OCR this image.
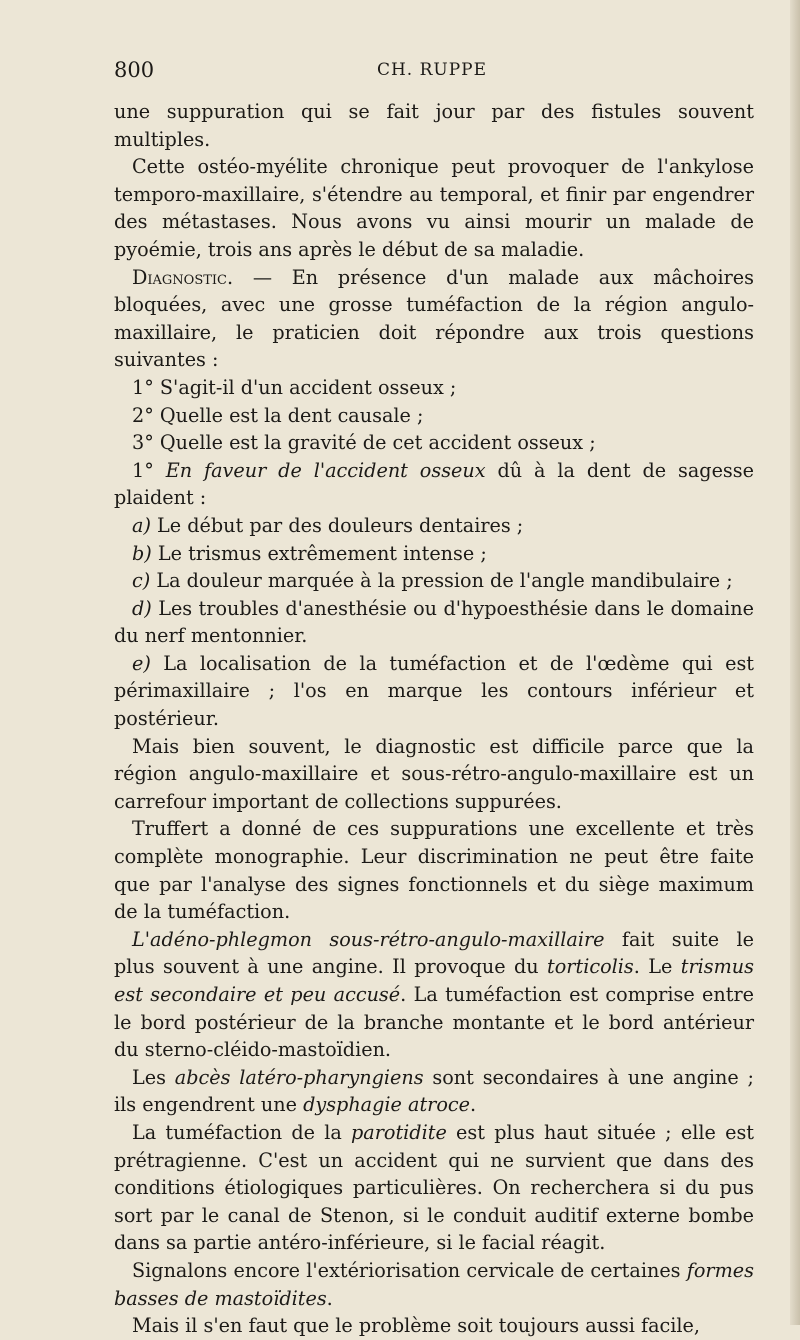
800	CH. RUPPE

une suppuration qui se fait jour par des fistules souvent multiples.

Cette ostéo-myélite chronique peut provoquer de l'ankylose temporo-maxillaire, s'étendre au temporal, et finir par engendrer des métastases. Nous avons vu ainsi mourir un malade de pyoémie, trois ans après le début de sa maladie.

Diagnostic. — En présence d'un malade aux mâchoires bloquées, avec une grosse tuméfaction de la région angulo-maxillaire, le praticien doit répondre aux trois questions suivantes :

1° S'agit-il d'un accident osseux ;

2° Quelle est la dent causale ;

3° Quelle est la gravité de cet accident osseux ;

1° En faveur de l'accident osseux dû à la dent de sagesse plaident :

a) Le début par des douleurs dentaires ;

b) Le trismus extrêmement intense ;

c) La douleur marquée à la pression de l'angle mandibulaire ;

d) Les troubles d'anesthésie ou d'hypoesthésie dans le domaine du nerf mentonnier.

e) La localisation de la tuméfaction et de l'œdème qui est périmaxillaire ; l'os en marque les contours inférieur et postérieur.

Mais bien souvent, le diagnostic est difficile parce que la région angulo-maxillaire et sous-rétro-angulo-maxillaire est un carrefour important de collections suppurées.

Truffert a donné de ces suppurations une excellente et très complète monographie. Leur discrimination ne peut être faite que par l'analyse des signes fonctionnels et du siège maximum de la tuméfaction.

L'adéno-phlegmon sous-rétro-angulo-maxillaire fait suite le plus souvent à une angine. Il provoque du torticolis. Le trismus est secondaire et peu accusé. La tuméfaction est comprise entre le bord postérieur de la branche montante et le bord antérieur du sterno-cléido-mastoïdien.

Les abcès latéro-pharyngiens sont secondaires à une angine ; ils engendrent une dysphagie atroce.

La tuméfaction de la parotidite est plus haut située ; elle est prétragienne. C'est un accident qui ne survient que dans des conditions étiologiques particulières. On recherchera si du pus sort par le canal de Stenon, si le conduit auditif externe bombe dans sa partie antéro-inférieure, si le facial réagit.

Signalons encore l'extériorisation cervicale de certaines formes basses de mastoïdites.

Mais il s'en faut que le problème soit toujours aussi facile,
